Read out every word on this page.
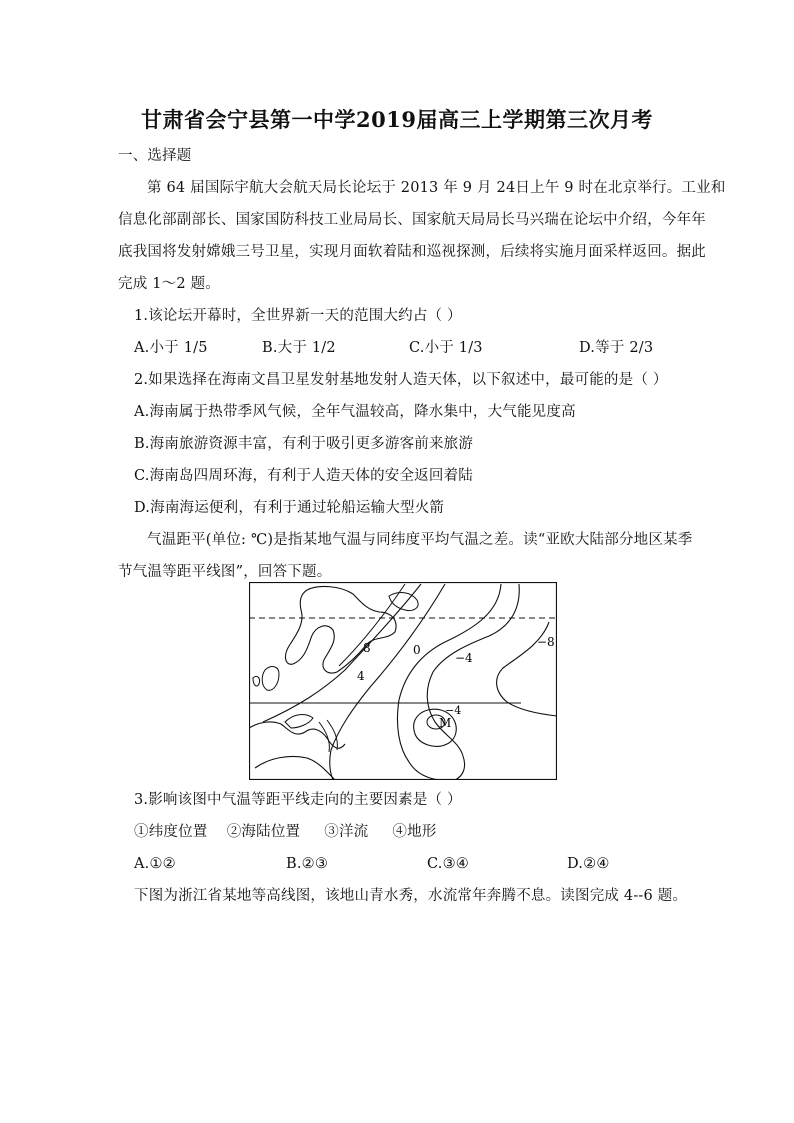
甘肃省会宁县第一中学2019届高三上学期第三次月考
一、选择题
第 64 届国际宇航大会航天局长论坛于 2013 年 9 月 24日上午 9 时在北京举行。工业和
信息化部副部长、国家国防科技工业局局长、国家航天局局长马兴瑞在论坛中介绍，今年年
底我国将发射嫦娥三号卫星，实现月面软着陆和巡视探测，后续将实施月面采样返回。据此
完成 1～2 题。
1.该论坛开幕时，全世界新一天的范围大约占（ ）
A.小于 1/5	B.大于 1/2	C.小于 1/3	D.等于 2/3
2.如果选择在海南文昌卫星发射基地发射人造天体，以下叙述中，最可能的是（ ）
A.海南属于热带季风气候，全年气温较高，降水集中，大气能见度高
B.海南旅游资源丰富，有利于吸引更多游客前来旅游
C.海南岛四周环海，有利于人造天体的安全返回着陆
D.海南海运便利，有利于通过轮船运输大型火箭
气温距平(单位: ℃)是指某地气温与同纬度平均气温之差。读“亚欧大陆部分地区某季
节气温等距平线图”，回答下题。
8
4
0
−4
−8
−4
M
3.影响该图中气温等距平线走向的主要因素是（ ）
①纬度位置    ②海陆位置     ③洋流     ④地形
A.①②	B.②③	C.③④	D.②④
下图为浙江省某地等高线图，该地山青水秀，水流常年奔腾不息。读图完成 4--6 题。
